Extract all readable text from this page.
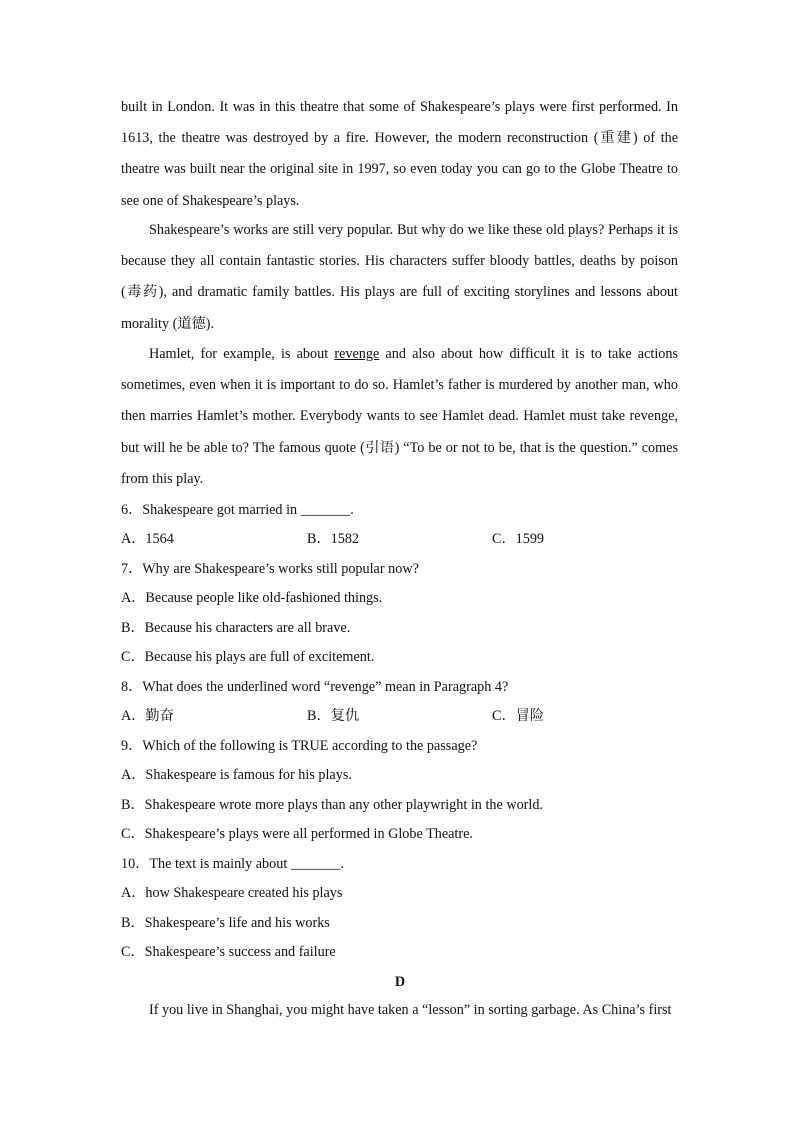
built in London. It was in this theatre that some of Shakespeare’s plays were first performed. In 1613, the theatre was destroyed by a fire. However, the modern reconstruction (重建) of the theatre was built near the original site in 1997, so even today you can go to the Globe Theatre to see one of Shakespeare’s plays.

Shakespeare’s works are still very popular. But why do we like these old plays? Perhaps it is because they all contain fantastic stories. His characters suffer bloody battles, deaths by poison (毒药), and dramatic family battles. His plays are full of exciting storylines and lessons about morality (道德).

Hamlet, for example, is about revenge and also about how difficult it is to take actions sometimes, even when it is important to do so. Hamlet’s father is murdered by another man, who then marries Hamlet’s mother. Everybody wants to see Hamlet dead. Hamlet must take revenge, but will he be able to? The famous quote (引语) “To be or not to be, that is the question.” comes from this play.

6．Shakespeare got married in _______.

A．1564	B．1582	C．1599

7．Why are Shakespeare’s works still popular now?

A．Because people like old-fashioned things.

B．Because his characters are all brave.

C．Because his plays are full of excitement.

8．What does the underlined word “revenge” mean in Paragraph 4?

A．勤奋	B．复仇	C．冒险

9．Which of the following is TRUE according to the passage?

A．Shakespeare is famous for his plays.

B．Shakespeare wrote more plays than any other playwright in the world.

C．Shakespeare’s plays were all performed in Globe Theatre.

10．The text is mainly about _______.

A．how Shakespeare created his plays

B．Shakespeare’s life and his works

C．Shakespeare’s success and failure

D

If you live in Shanghai, you might have taken a “lesson” in sorting garbage. As China’s first
